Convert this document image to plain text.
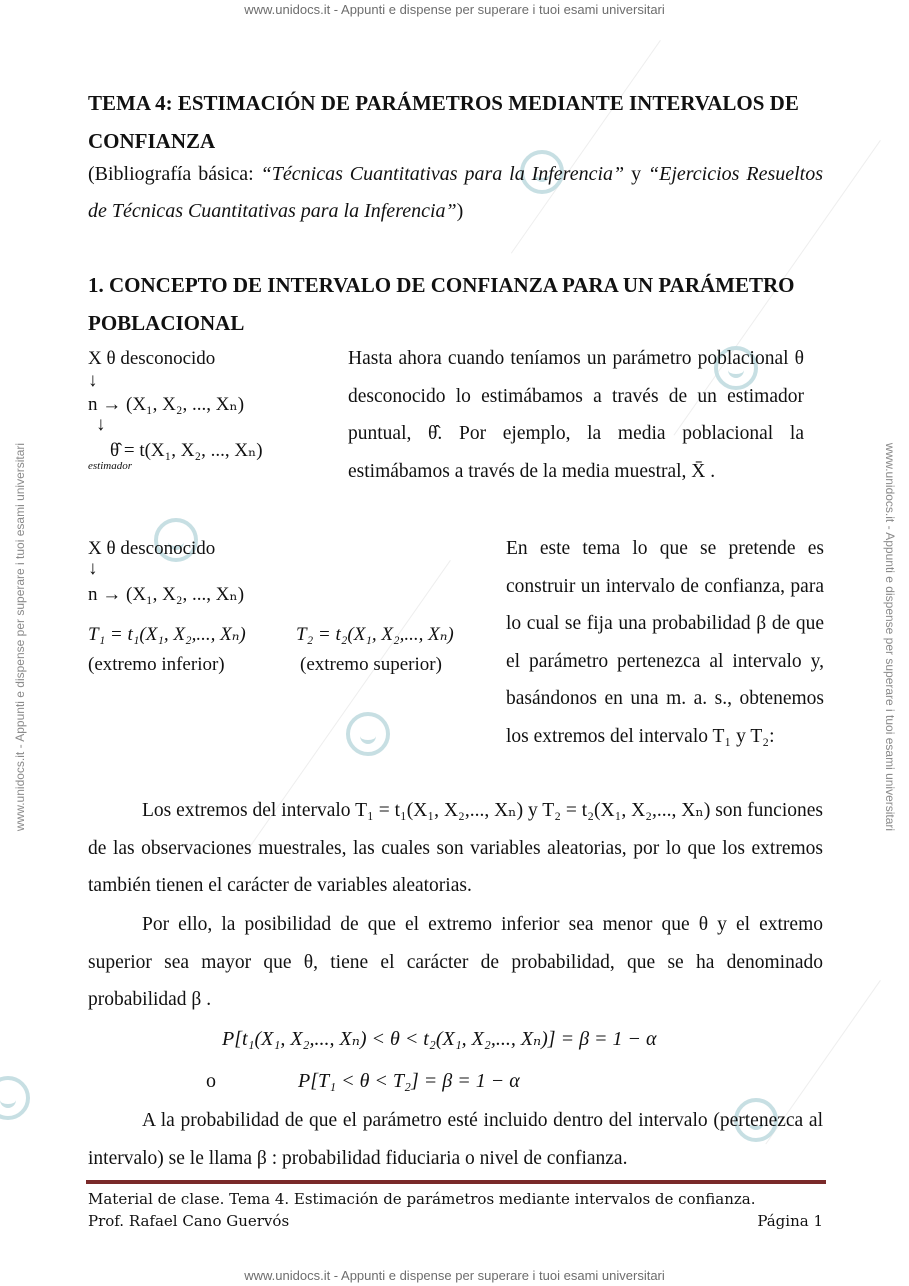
www.unidocs.it - Appunti e dispense per superare i tuoi esami universitari
www.unidocs.it - Appunti e dispense per superare i tuoi esami universitari
www.unidocs.it - Appunti e dispense per superare i tuoi esami universitari	www.unidocs.it - Appunti e dispense per superare i tuoi esami universitari
TEMA 4: ESTIMACIÓN DE PARÁMETROS MEDIANTE INTERVALOS DE CONFIANZA
(Bibliografía básica: “Técnicas Cuantitativas para la Inferencia” y “Ejercicios Resueltos de Técnicas Cuantitativas para la Inferencia”)
1. CONCEPTO DE INTERVALO DE CONFIANZA PARA UN PARÁMETRO POBLACIONAL
X θ desconocido
↓
n → (X₁, X₂, ..., Xₙ)
↓
θ̂ = t(X₁, X₂, ..., Xₙ)
estimador
Hasta ahora cuando teníamos un parámetro poblacional θ desconocido lo estimábamos a través de un estimador puntual, θ̂. Por ejemplo, la media poblacional la estimábamos a través de la media muestral, X̄ .
X θ desconocido
↓
n → (X₁, X₂, ..., Xₙ)
T₁ = t₁(X₁, X₂,..., Xₙ)	T₂ = t₂(X₁, X₂,..., Xₙ)
(extremo inferior)	(extremo superior)
En este tema lo que se pretende es construir un intervalo de confianza, para lo cual se fija una probabilidad β de que el parámetro pertenezca al intervalo y, basándonos en una m. a. s., obtenemos los extremos del intervalo T₁ y T₂:
Los extremos del intervalo T₁ = t₁(X₁, X₂,..., Xₙ) y T₂ = t₂(X₁, X₂,..., Xₙ) son funciones de las observaciones muestrales, las cuales son variables aleatorias, por lo que los extremos también tienen el carácter de variables aleatorias.
Por ello, la posibilidad de que el extremo inferior sea menor que θ y el extremo superior sea mayor que θ, tiene el carácter de probabilidad, que se ha denominado probabilidad β .
P[t₁(X₁, X₂,..., Xₙ) < θ < t₂(X₁, X₂,..., Xₙ)] = β = 1 − α
o	P[T₁ < θ < T₂] = β = 1 − α
A la probabilidad de que el parámetro esté incluido dentro del intervalo (pertenezca al intervalo) se le llama β : probabilidad fiduciaria o nivel de confianza.
Material de clase. Tema 4. Estimación de parámetros mediante intervalos de confianza.
Prof. Rafael Cano Guervós	Página 1
